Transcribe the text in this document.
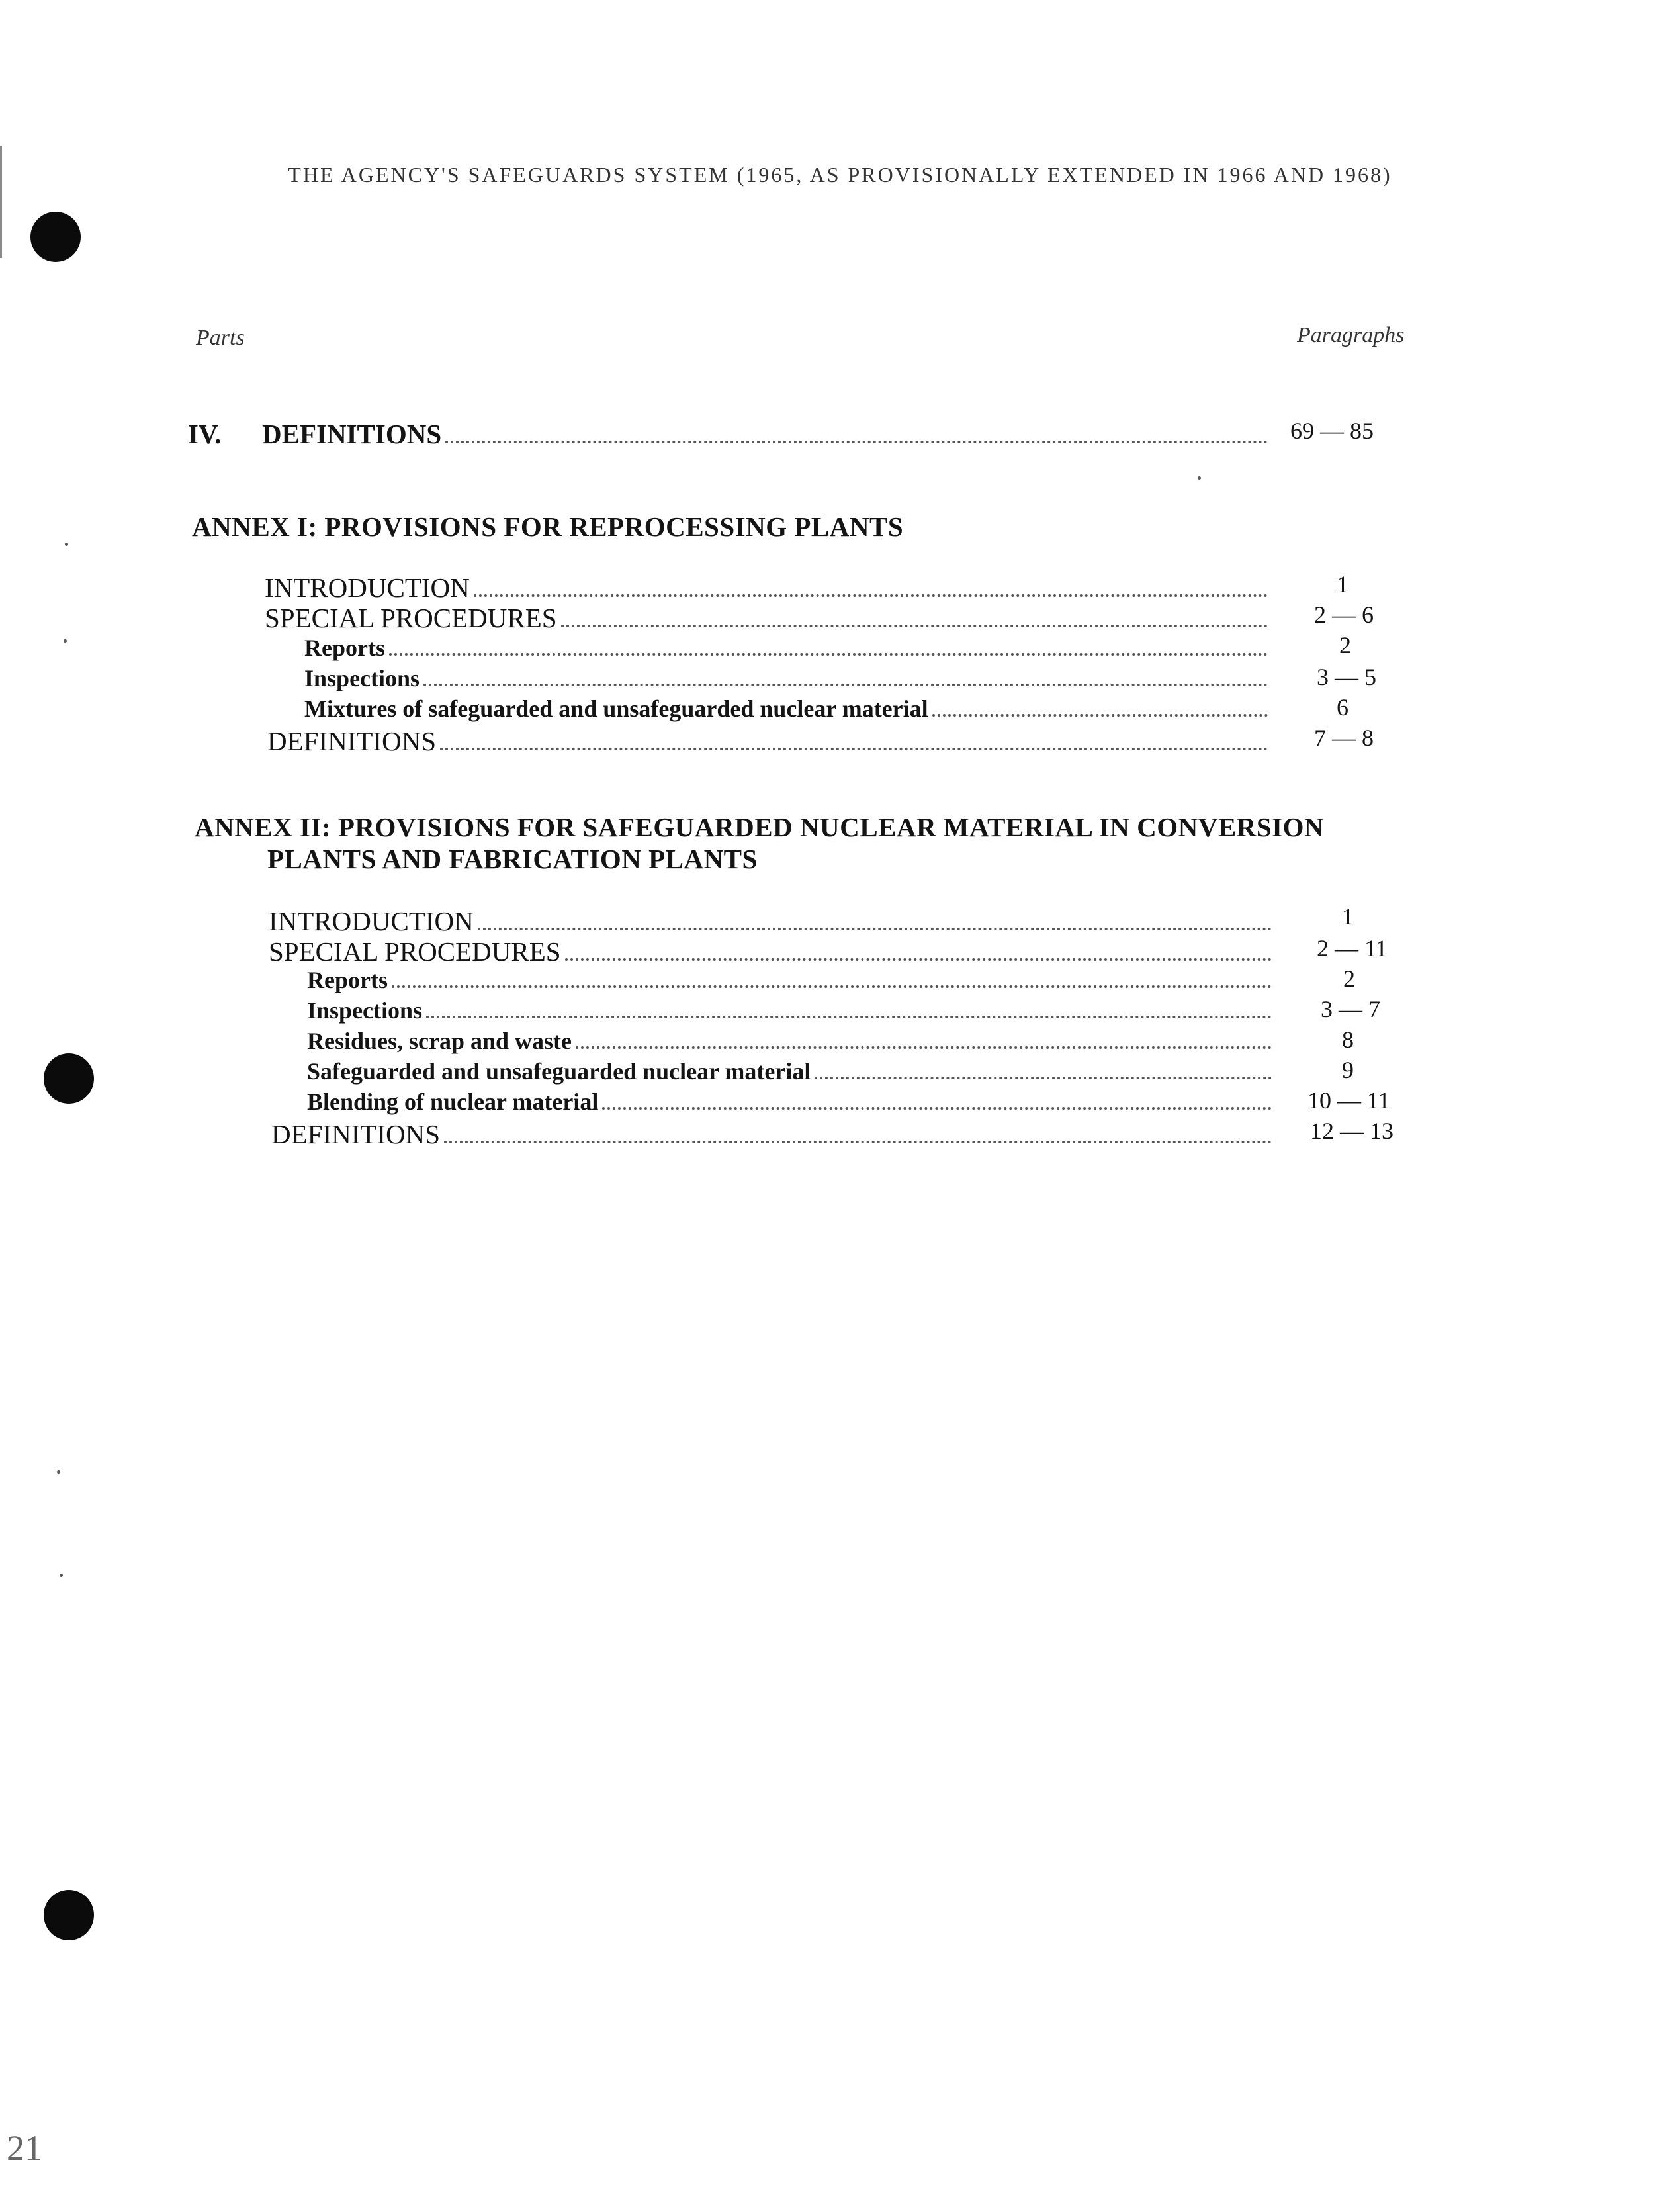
21
THE AGENCY'S SAFEGUARDS SYSTEM (1965, AS PROVISIONALLY EXTENDED IN 1966 AND 1968)
Parts	Paragraphs
IV. DEFINITIONS	69 — 85
ANNEX I: PROVISIONS FOR REPROCESSING PLANTS
INTRODUCTION	1
SPECIAL PROCEDURES	2 — 6
Reports	2
Inspections	3 — 5
Mixtures of safeguarded and unsafeguarded nuclear material	6
DEFINITIONS	7 — 8
ANNEX II: PROVISIONS FOR SAFEGUARDED NUCLEAR MATERIAL IN CONVERSION
PLANTS AND FABRICATION PLANTS
INTRODUCTION	1
SPECIAL PROCEDURES	2 — 11
Reports	2
Inspections	3 — 7
Residues, scrap and waste	8
Safeguarded and unsafeguarded nuclear material	9
Blending of nuclear material	10 — 11
DEFINITIONS	12 — 13
